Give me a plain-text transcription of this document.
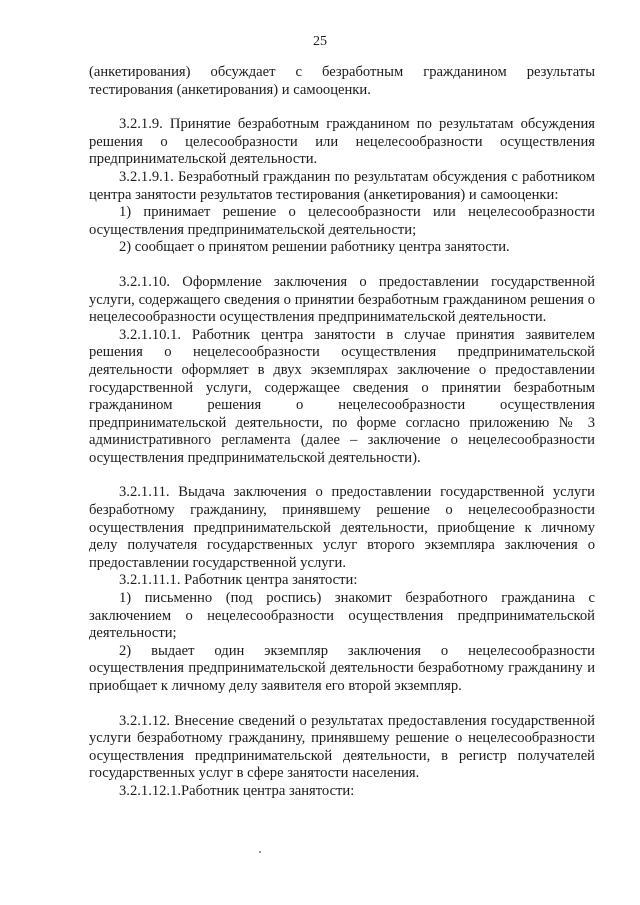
25

(анкетирования) обсуждает с безработным гражданином результаты тестирования (анкетирования) и самооценки.

3.2.1.9. Принятие безработным гражданином по результатам обсуждения решения о целесообразности или нецелесообразности осуществления предпринимательской деятельности.

3.2.1.9.1. Безработный гражданин по результатам обсуждения с работником центра занятости результатов тестирования (анкетирования) и самооценки:

1) принимает решение о целесообразности или нецелесообразности осуществления предпринимательской деятельности;

2) сообщает о принятом решении работнику центра занятости.

3.2.1.10. Оформление заключения о предоставлении государственной услуги, содержащего сведения о принятии безработным гражданином решения о нецелесообразности осуществления предпринимательской деятельности.

3.2.1.10.1. Работник центра занятости в случае принятия заявителем решения о нецелесообразности осуществления предпринимательской деятельности оформляет в двух экземплярах заключение о предоставлении государственной услуги, содержащее сведения о принятии безработным гражданином решения о нецелесообразности осуществления предпринимательской деятельности, по форме согласно приложению № 3 административного регламента (далее – заключение о нецелесообразности осуществления предпринимательской деятельности).

3.2.1.11. Выдача заключения о предоставлении государственной услуги безработному гражданину, принявшему решение о нецелесообразности осуществления предпринимательской деятельности, приобщение к личному делу получателя государственных услуг второго экземпляра заключения о предоставлении государственной услуги.

3.2.1.11.1. Работник центра занятости:

1) письменно (под роспись) знакомит безработного гражданина с заключением о нецелесообразности осуществления предпринимательской деятельности;

2) выдает один экземпляр заключения о нецелесообразности осуществления предпринимательской деятельности безработному гражданину и приобщает к личному делу заявителя его второй экземпляр.

3.2.1.12. Внесение сведений о результатах предоставления государственной услуги безработному гражданину, принявшему решение о нецелесообразности осуществления предпринимательской деятельности, в регистр получателей государственных услуг в сфере занятости населения.

3.2.1.12.1.Работник центра занятости:
